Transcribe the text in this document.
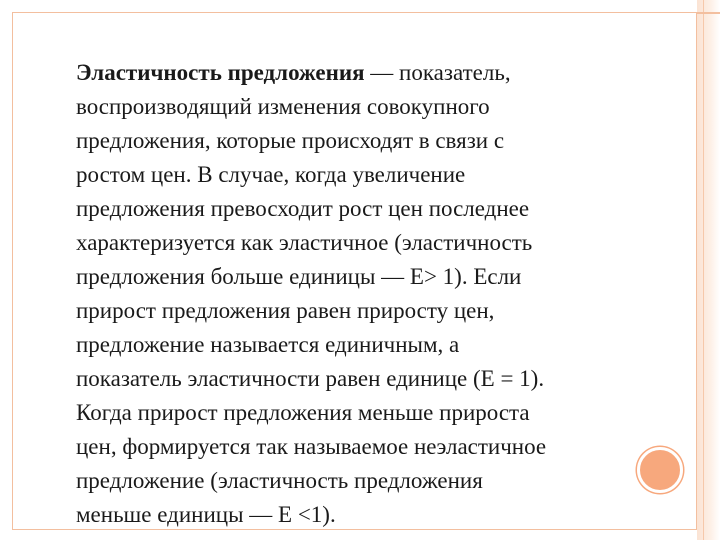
Эластичность предложения — показатель,
воспроизводящий изменения совокупного
предложения, которые происходят в связи с
ростом цен. В случае, когда увеличение
предложения превосходит рост цен последнее
характеризуется как эластичное (эластичность
предложения больше единицы — E> 1). Если
прирост предложения равен приросту цен,
предложение называется единичным, а
показатель эластичности равен единице (E = 1).
Когда прирост предложения меньше прироста
цен, формируется так называемое неэластичное
предложение (эластичность предложения
меньше единицы — E <1).
